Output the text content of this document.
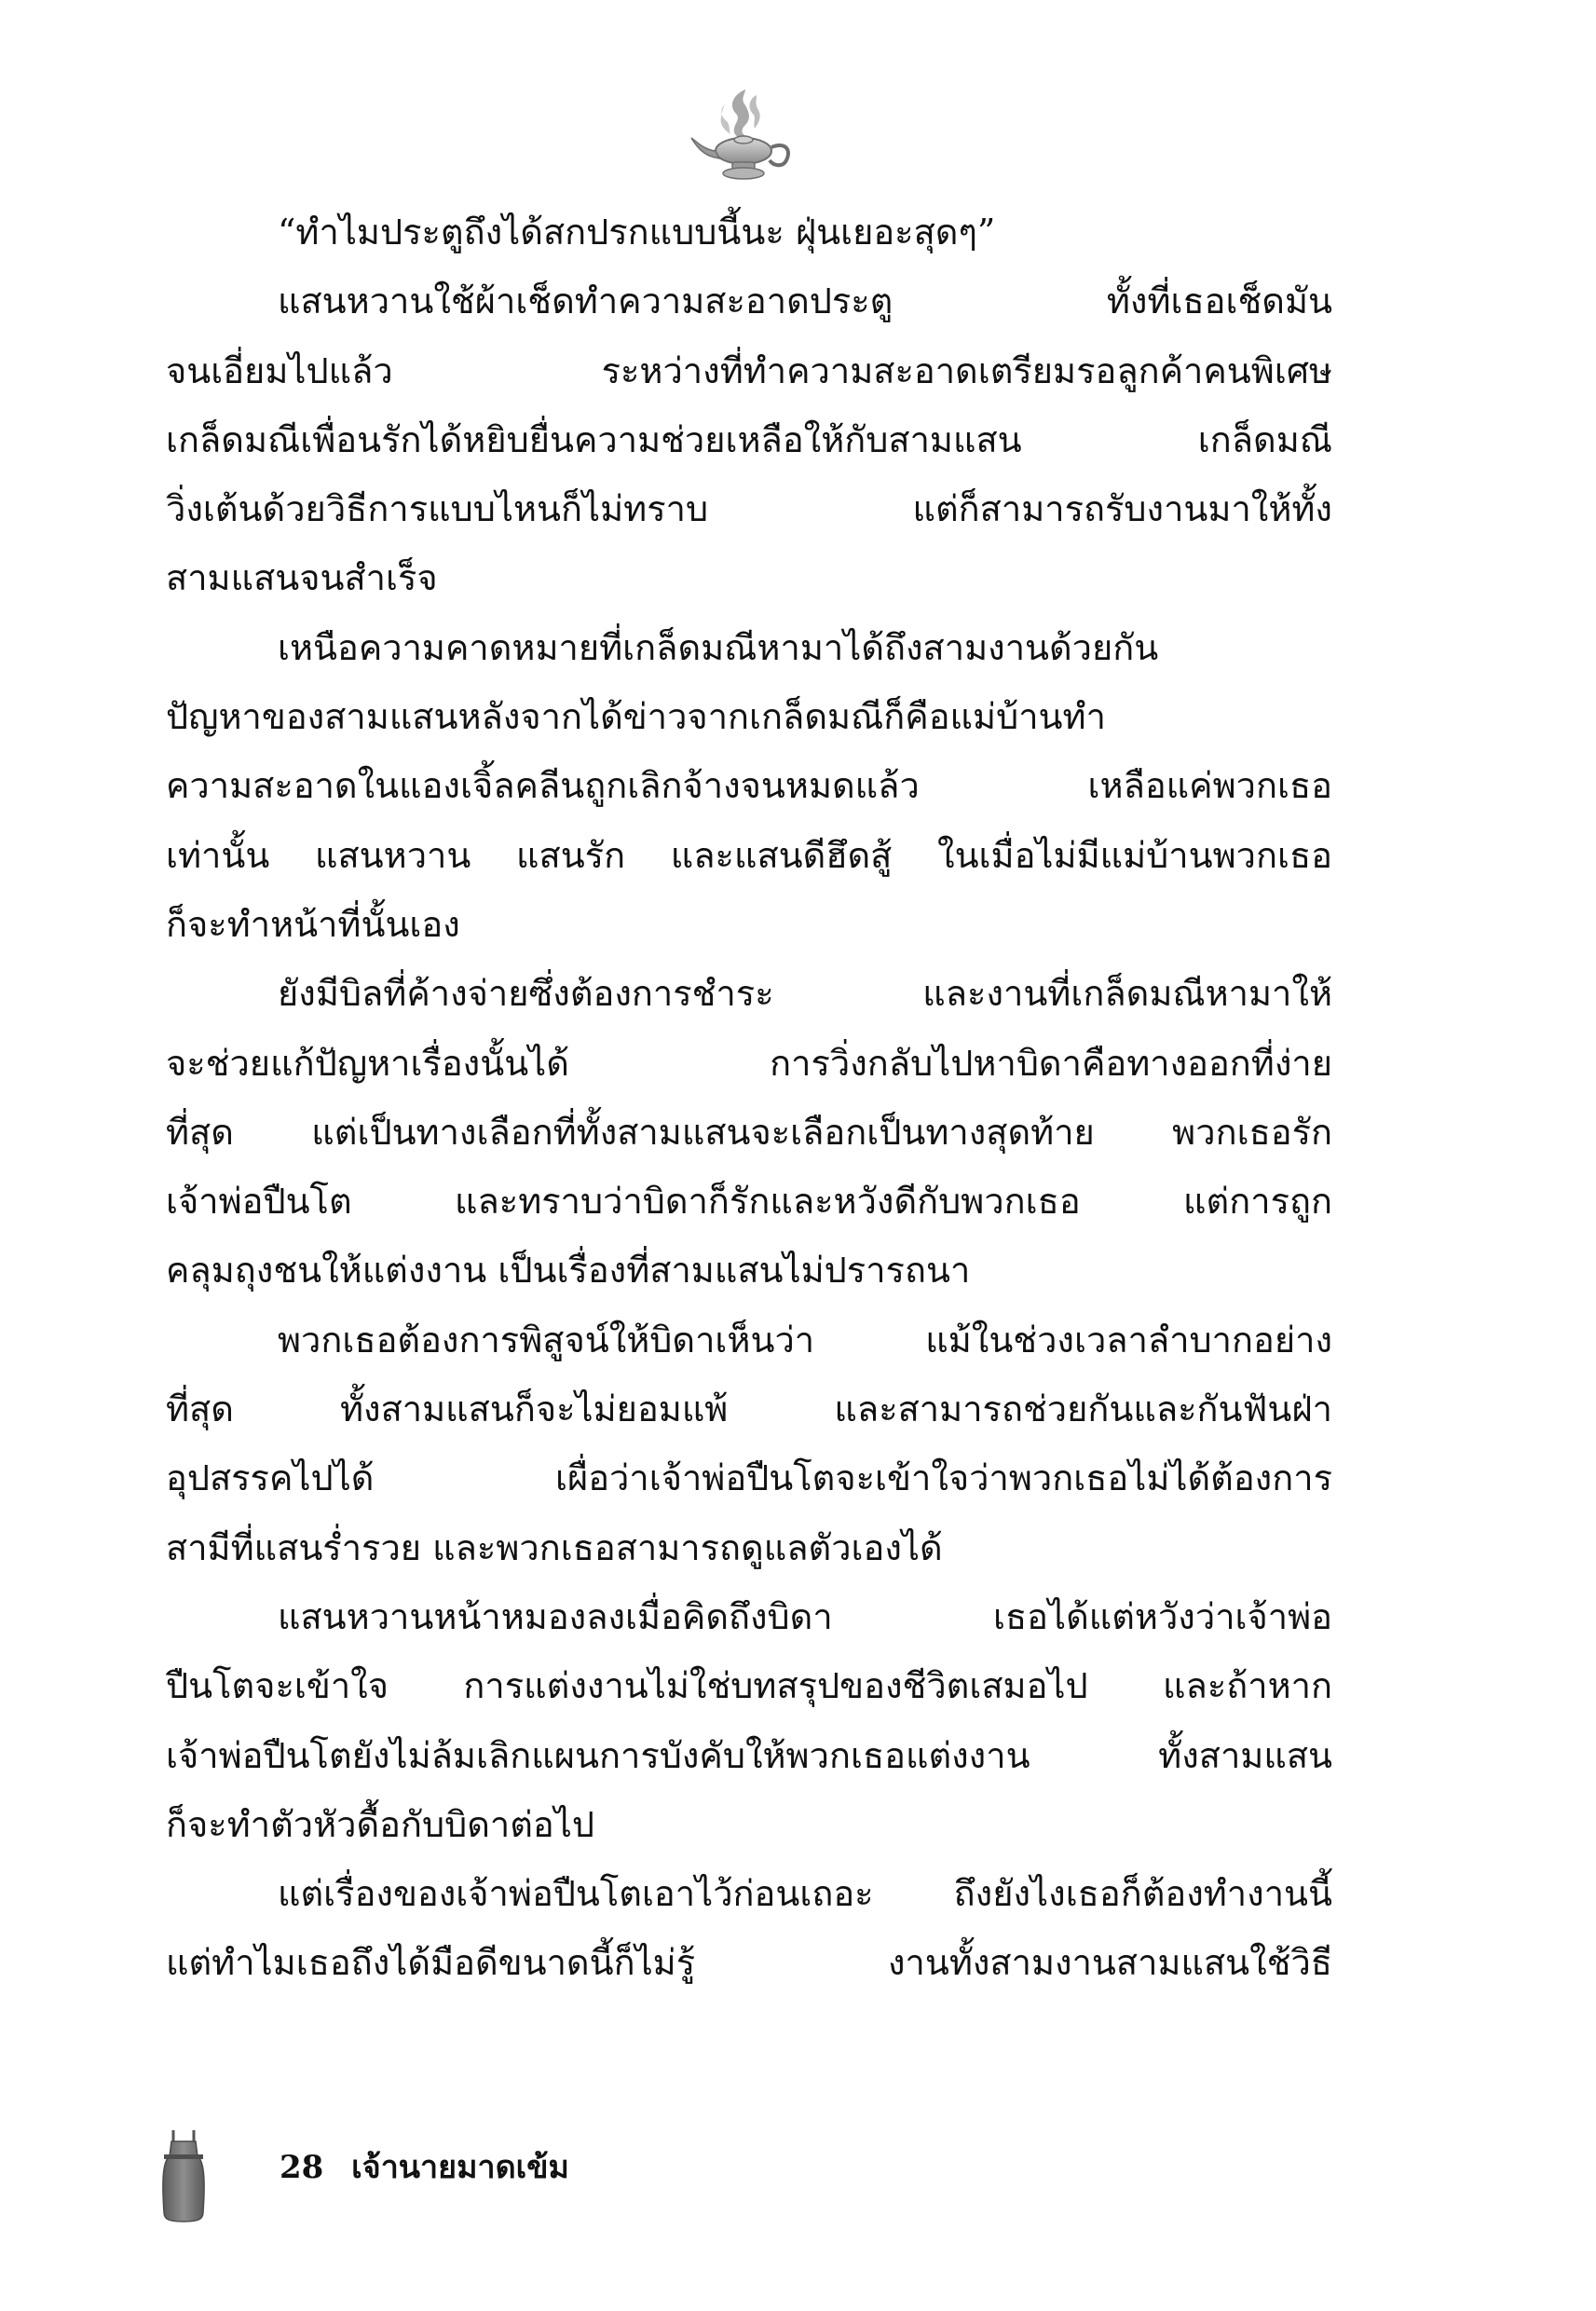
“ทำไมประตูถึงได้สกปรกแบบนี้นะ ฝุ่นเยอะสุดๆ”
แสนหวานใช้ผ้าเช็ดทำความสะอาดประตู ทั้งที่เธอเช็ดมัน
จนเอี่ยมไปแล้ว ระหว่างที่ทำความสะอาดเตรียมรอลูกค้าคนพิเศษ
เกล็ดมณีเพื่อนรักได้หยิบยื่นความช่วยเหลือให้กับสามแสน เกล็ดมณี
วิ่งเต้นด้วยวิธีการแบบไหนก็ไม่ทราบ แต่ก็สามารถรับงานมาให้ทั้ง
สามแสนจนสำเร็จ
เหนือความคาดหมายที่เกล็ดมณีหามาได้ถึงสามงานด้วยกัน
ปัญหาของสามแสนหลังจากได้ข่าวจากเกล็ดมณีก็คือแม่บ้านทำ
ความสะอาดในแองเจิ้ลคลีนถูกเลิกจ้างจนหมดแล้ว เหลือแค่พวกเธอ
เท่านั้น แสนหวาน แสนรัก และแสนดีฮึดสู้ ในเมื่อไม่มีแม่บ้านพวกเธอ
ก็จะทำหน้าที่นั้นเอง
ยังมีบิลที่ค้างจ่ายซึ่งต้องการชำระ และงานที่เกล็ดมณีหามาให้
จะช่วยแก้ปัญหาเรื่องนั้นได้ การวิ่งกลับไปหาบิดาคือทางออกที่ง่าย
ที่สุด แต่เป็นทางเลือกที่ทั้งสามแสนจะเลือกเป็นทางสุดท้าย พวกเธอรัก
เจ้าพ่อปืนโต และทราบว่าบิดาก็รักและหวังดีกับพวกเธอ แต่การถูก
คลุมถุงชนให้แต่งงาน เป็นเรื่องที่สามแสนไม่ปรารถนา
พวกเธอต้องการพิสูจน์ให้บิดาเห็นว่า แม้ในช่วงเวลาลำบากอย่าง
ที่สุด ทั้งสามแสนก็จะไม่ยอมแพ้ และสามารถช่วยกันและกันฟันฝ่า
อุปสรรคไปได้ เผื่อว่าเจ้าพ่อปืนโตจะเข้าใจว่าพวกเธอไม่ได้ต้องการ
สามีที่แสนร่ำรวย และพวกเธอสามารถดูแลตัวเองได้
แสนหวานหน้าหมองลงเมื่อคิดถึงบิดา เธอได้แต่หวังว่าเจ้าพ่อ
ปืนโตจะเข้าใจ การแต่งงานไม่ใช่บทสรุปของชีวิตเสมอไป และถ้าหาก
เจ้าพ่อปืนโตยังไม่ล้มเลิกแผนการบังคับให้พวกเธอแต่งงาน ทั้งสามแสน
ก็จะทำตัวหัวดื้อกับบิดาต่อไป
แต่เรื่องของเจ้าพ่อปืนโตเอาไว้ก่อนเถอะ ถึงยังไงเธอก็ต้องทำงานนี้
แต่ทำไมเธอถึงได้มือดีขนาดนี้ก็ไม่รู้ งานทั้งสามงานสามแสนใช้วิธี
28 เจ้านายมาดเข้ม
